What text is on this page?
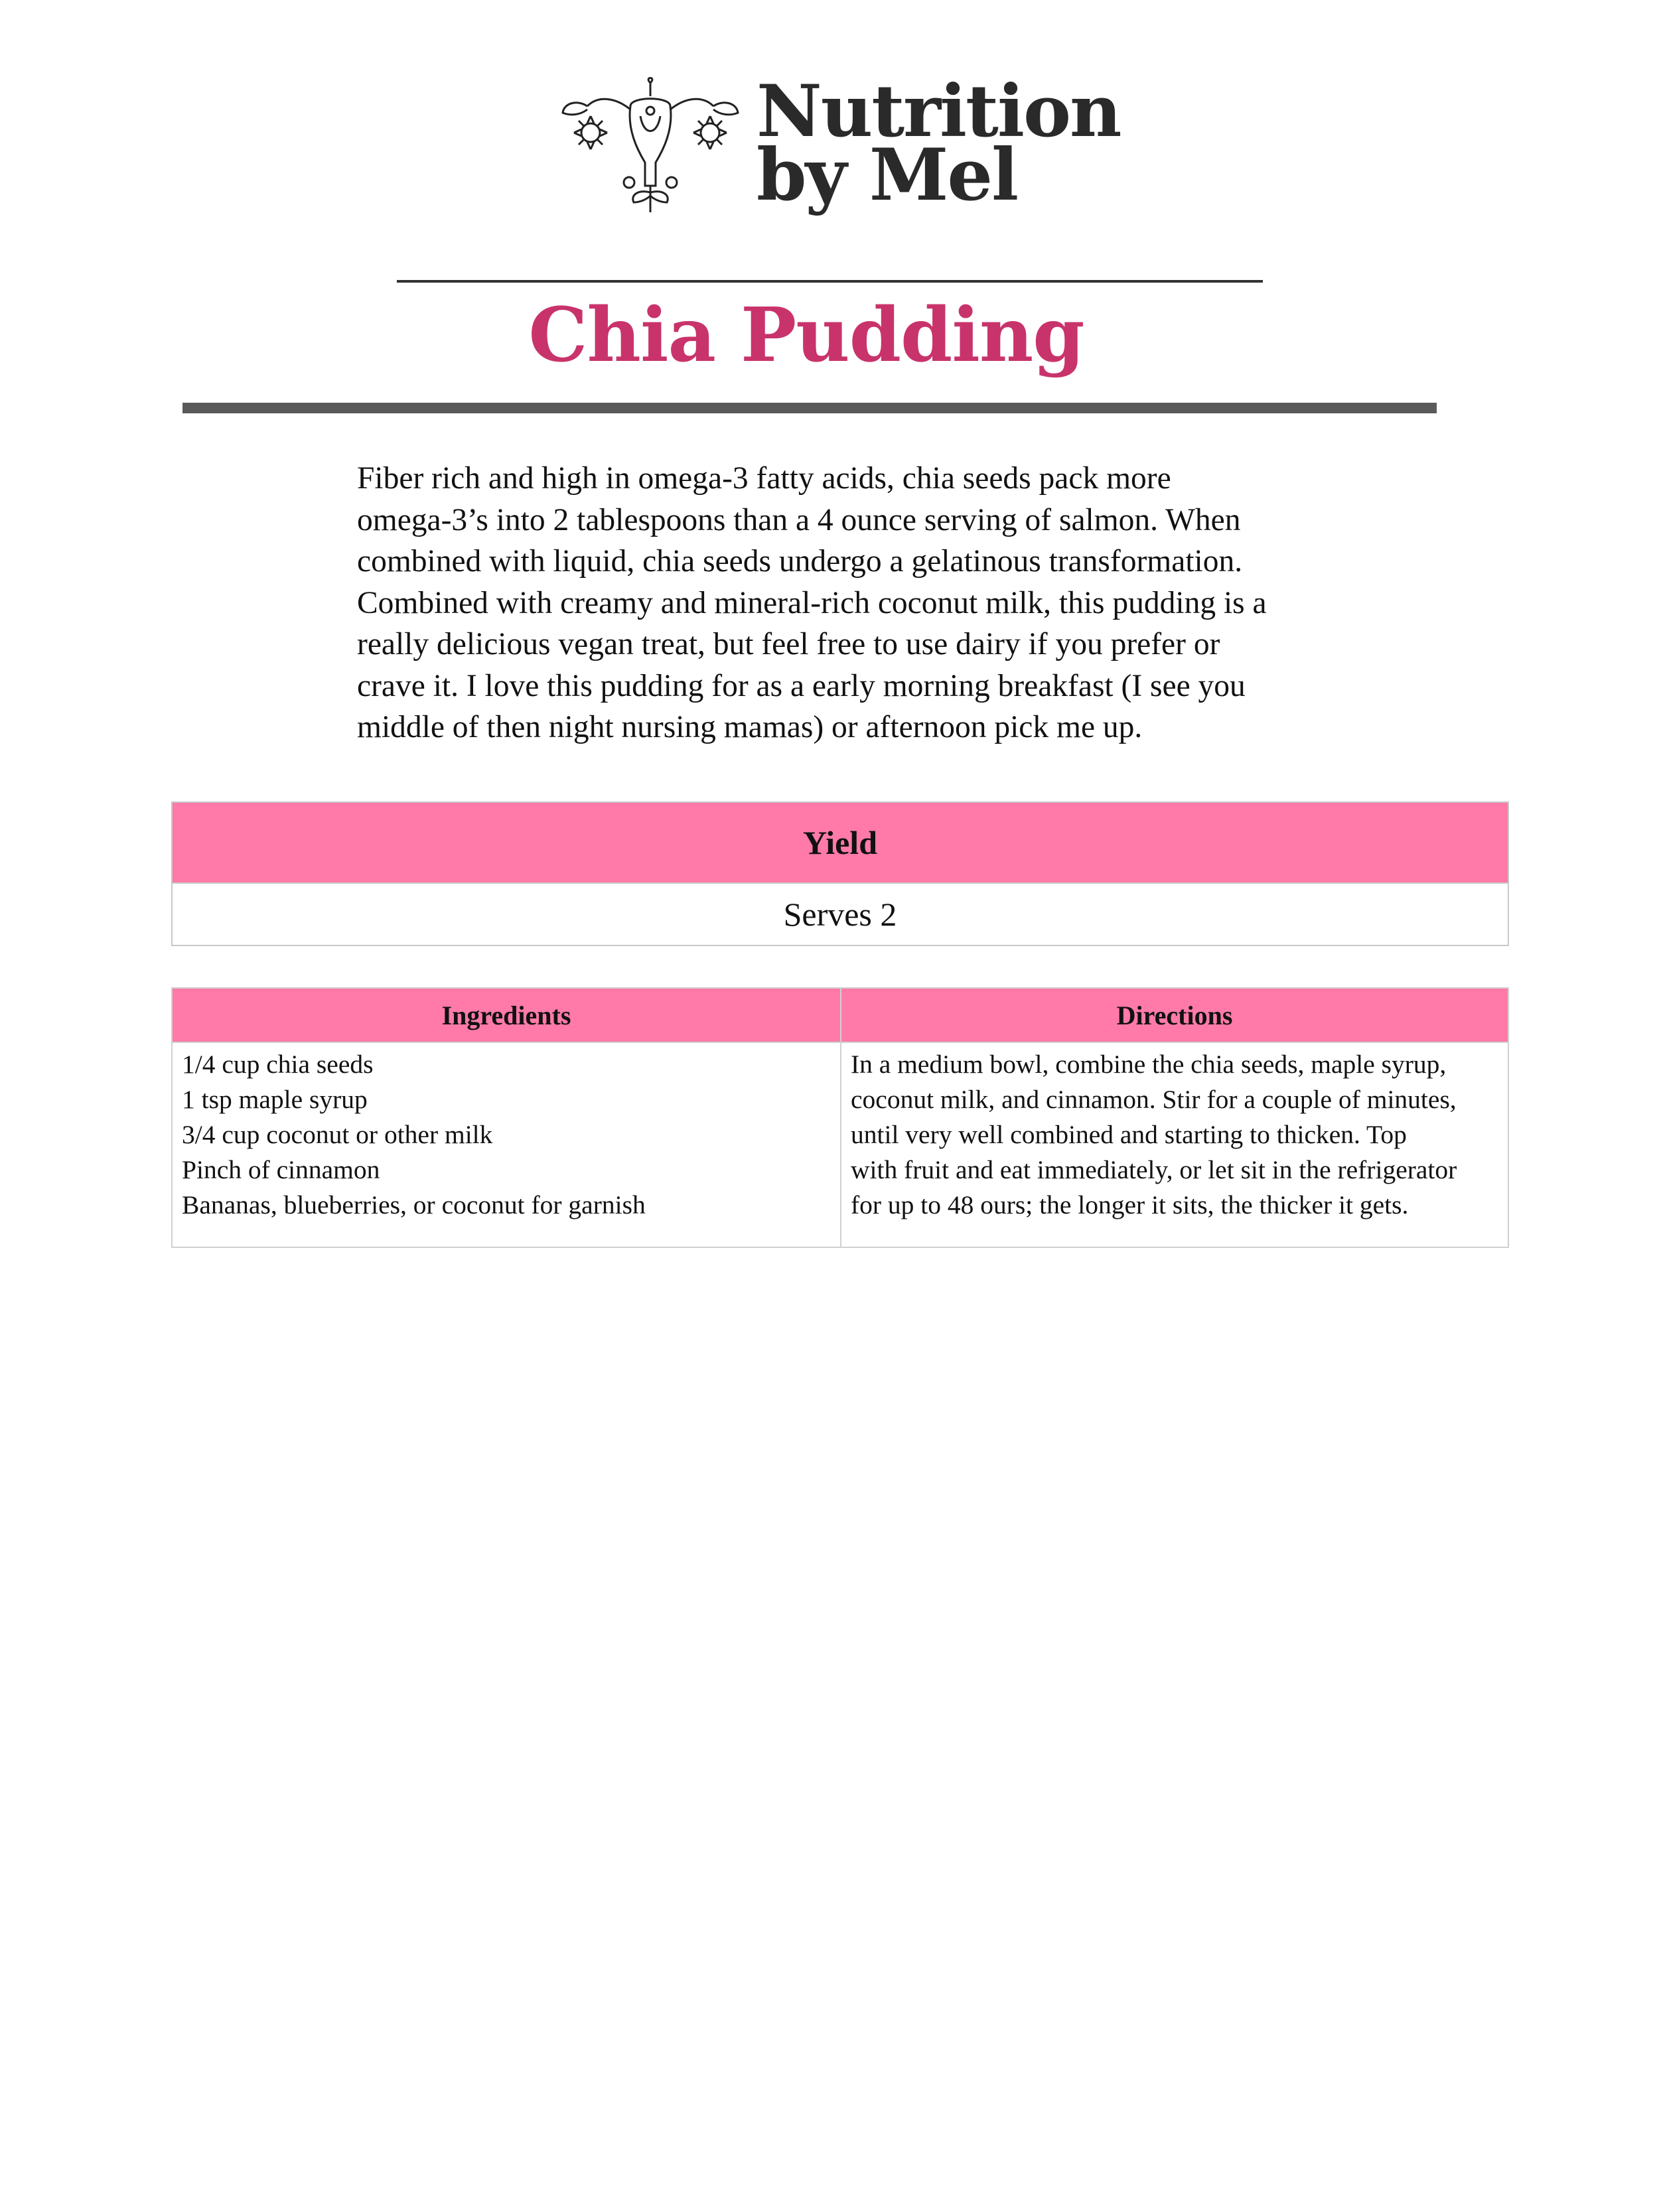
Nutrition
by Mel
Chia Pudding

Fiber rich and high in omega-3 fatty acids, chia seeds pack more

omega-3’s into 2 tablespoons than a 4 ounce serving of salmon. When

combined with liquid, chia seeds undergo a gelatinous transformation.

Combined with creamy and mineral-rich coconut milk, this pudding is a

really delicious vegan treat, but feel free to use dairy if you prefer or

crave it. I love this pudding for as a early morning breakfast (I see you

middle of then night nursing mamas) or afternoon pick me up.

Yield
Serves 2
Ingredients

1/4 cup chia seeds

1 tsp maple syrup

3/4 cup coconut or other milk

Pinch of cinnamon

Bananas, blueberries, or coconut for garnish

Directions

In a medium bowl, combine the chia seeds, maple syrup,

coconut milk, and cinnamon. Stir for a couple of minutes,

until very well combined and starting to thicken. Top

with fruit and eat immediately, or let sit in the refrigerator

for up to 48 ours; the longer it sits, the thicker it gets.
